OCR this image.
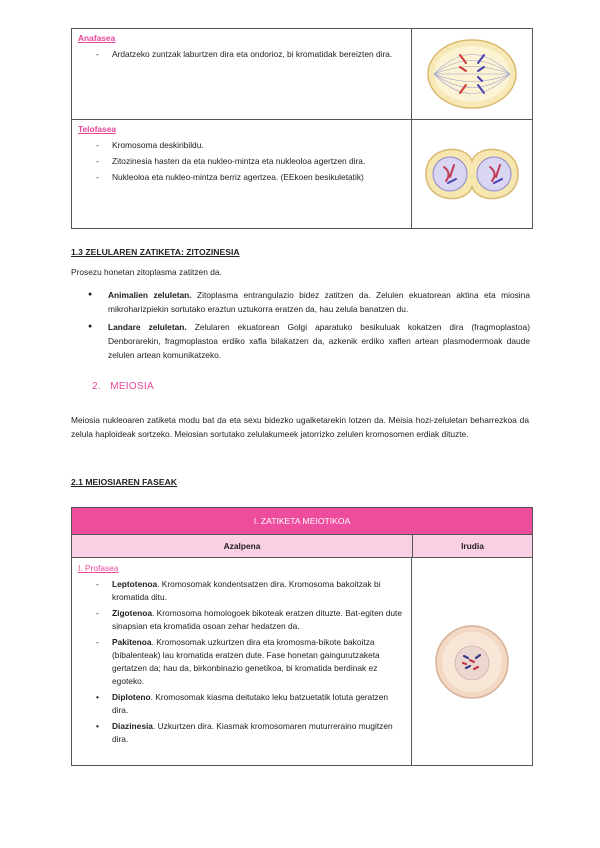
Anafasea
- Ardatzeko zuntzak laburtzen dira eta ondorioz, bi kromatidak bereizten dira.
Telofasea
- Kromosoma deskiribildu.
- Zitozinesia hasten da eta nukleo-mintza eta nukleoloa agertzen dira.
- Nukleoloa eta nukleo-mintza berriz agertzea. (EEkoen besikuletatik)
1.3 ZELULAREN ZATIKETA: ZITOZINESIA
Prosezu honetan zitoplasma zatitzen da.
● Animalien zeluletan. Zitoplasma entrangulazio bidez zatitzen da. Zelulen ekuatorean aktina eta miosina mikroharizpiekin sortutako eraztun uztukorra eratzen da, hau zelula banatzen du.
● Landare zeluletan. Zelularen ekuatorean Golgi aparatuko besikuluak kokatzen dira (fragmoplastoa) Denborarekin, fragmoplastoa erdiko xafla bilakatzen da, azkenik erdiko xaflen artean plasmodermoak daude zelulen artean komunikatzeko.
2. MEIOSIA
Meiosia nukleoaren zatiketa modu bat da eta sexu bidezko ugalketarekin lotzen da. Meisia hozi-zeluletan beharrezkoa da zelula haploideak sortzeko. Meiosian sortutako zelulakumeek jatorrizko zelulen kromosomen erdiak dituzte.
2.1 MEIOSIAREN FASEAK
I. ZATIKETA MEIOTIKOA
Azalpena	Irudia
I. Profasea
- Leptotenoa. Kromosomak kondentsatzen dira. Kromosoma bakoitzak bi kromatida ditu.
- Zigotenoa. Kromosoma homologoek bikoteak eratzen dituzte. Bat-egiten dute sinapsian eta kromatida osoan zehar hedatzen da.
- Pakitenoa. Kromosomak uzkurtzen dira eta kromosma-bikote bakoitza (bibalenteak) lau kromatida eratzen dute. Fase honetan gaingurutzaketa gertatzen da; hau da, birkonbinazio genetikoa, bi kromatida berdinak ez egoteko.
• Diploteno. Kromosomak kiasma deitutako leku batzuetatik lotuta geratzen dira.
• Diazinesia. Uzkurtzen dira. Kiasmak kromosomaren muturreraino mugitzen dira.
